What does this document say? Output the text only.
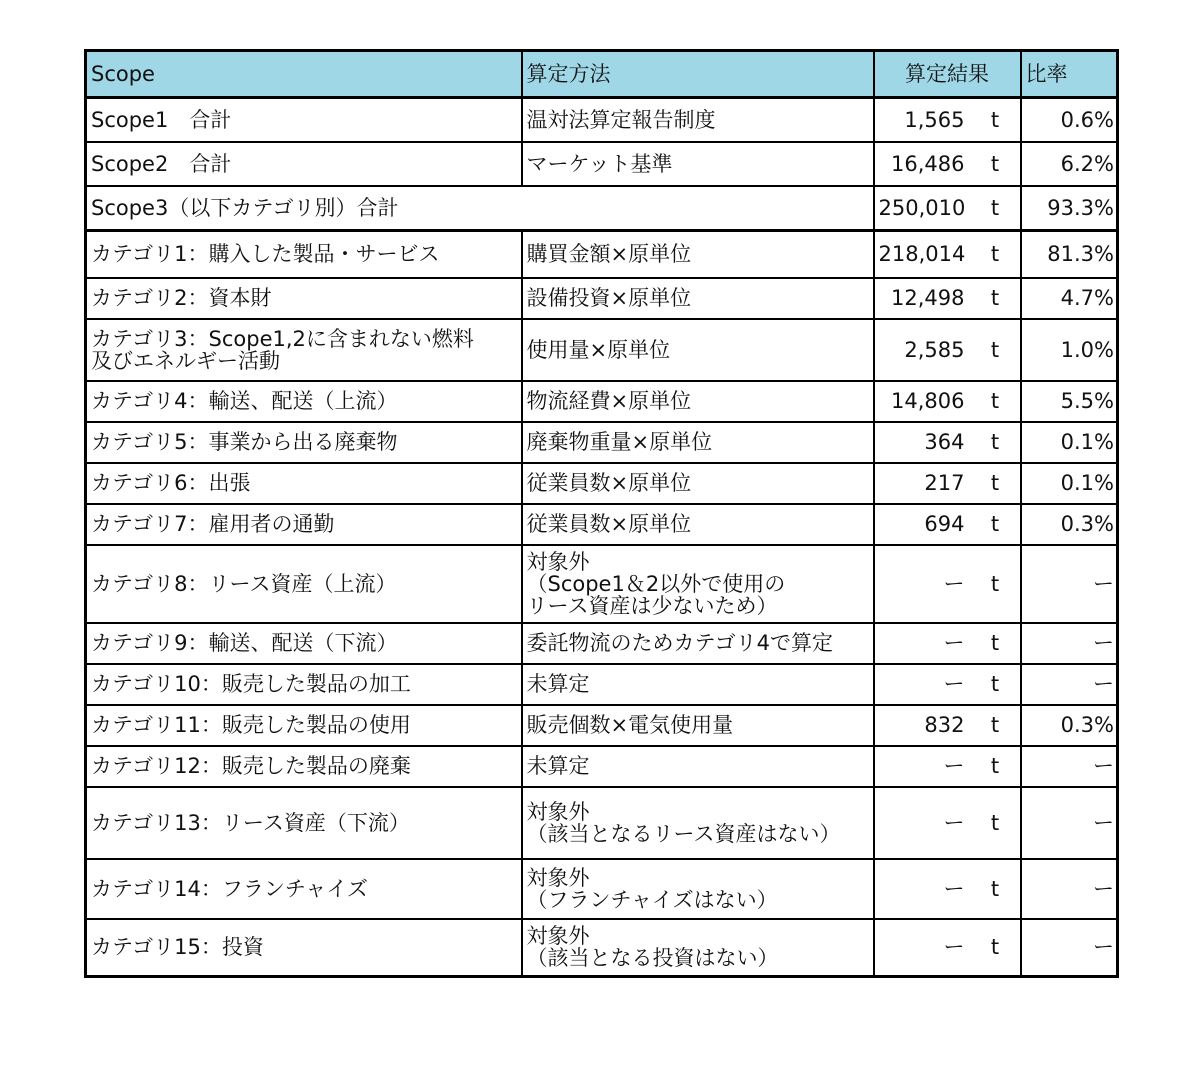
Scope	算定方法	算定結果		比率
Scope1　合計	温対法算定報告制度	1,565	t	0.6%
Scope2　合計	マーケット基準	16,486	t	6.2%
Scope3（以下カテゴリ別）合計		250,010	t	93.3%

カテゴリ1：購入した製品・サービス	購買金額×原単位	218,014	t	81.3%

カテゴリ2：資本財	設備投資×原単位	12,498	t	4.7%

カテゴリ3：Scope1,2に含まれない燃料
及びエネルギー活動	使用量×原単位	2,585	t	1.0%

カテゴリ4：輸送、配送（上流）	物流経費×原単位	14,806	t	5.5%

カテゴリ5：事業から出る廃棄物	廃棄物重量×原単位	364	t	0.1%

カテゴリ6：出張	従業員数×原単位	217	t	0.1%

カテゴリ7：雇用者の通勤	従業員数×原単位	694	t	0.3%

カテゴリ8：リース資産（上流）	対象外
（Scope1＆2以外で使用の
リース資産は少ないため）	ー	t	ー

カテゴリ9：輸送、配送（下流）	委託物流のためカテゴリ4で算定	ー	t	ー

カテゴリ10：販売した製品の加工	未算定	ー	t	ー

カテゴリ11：販売した製品の使用	販売個数×電気使用量	832	t	0.3%

カテゴリ12：販売した製品の廃棄	未算定	ー	t	ー

カテゴリ13：リース資産（下流）	対象外
（該当となるリース資産はない）	ー	t	ー

カテゴリ14：フランチャイズ	対象外
（フランチャイズはない）	ー	t	ー

カテゴリ15：投資	対象外
（該当となる投資はない）	ー	t	ー
